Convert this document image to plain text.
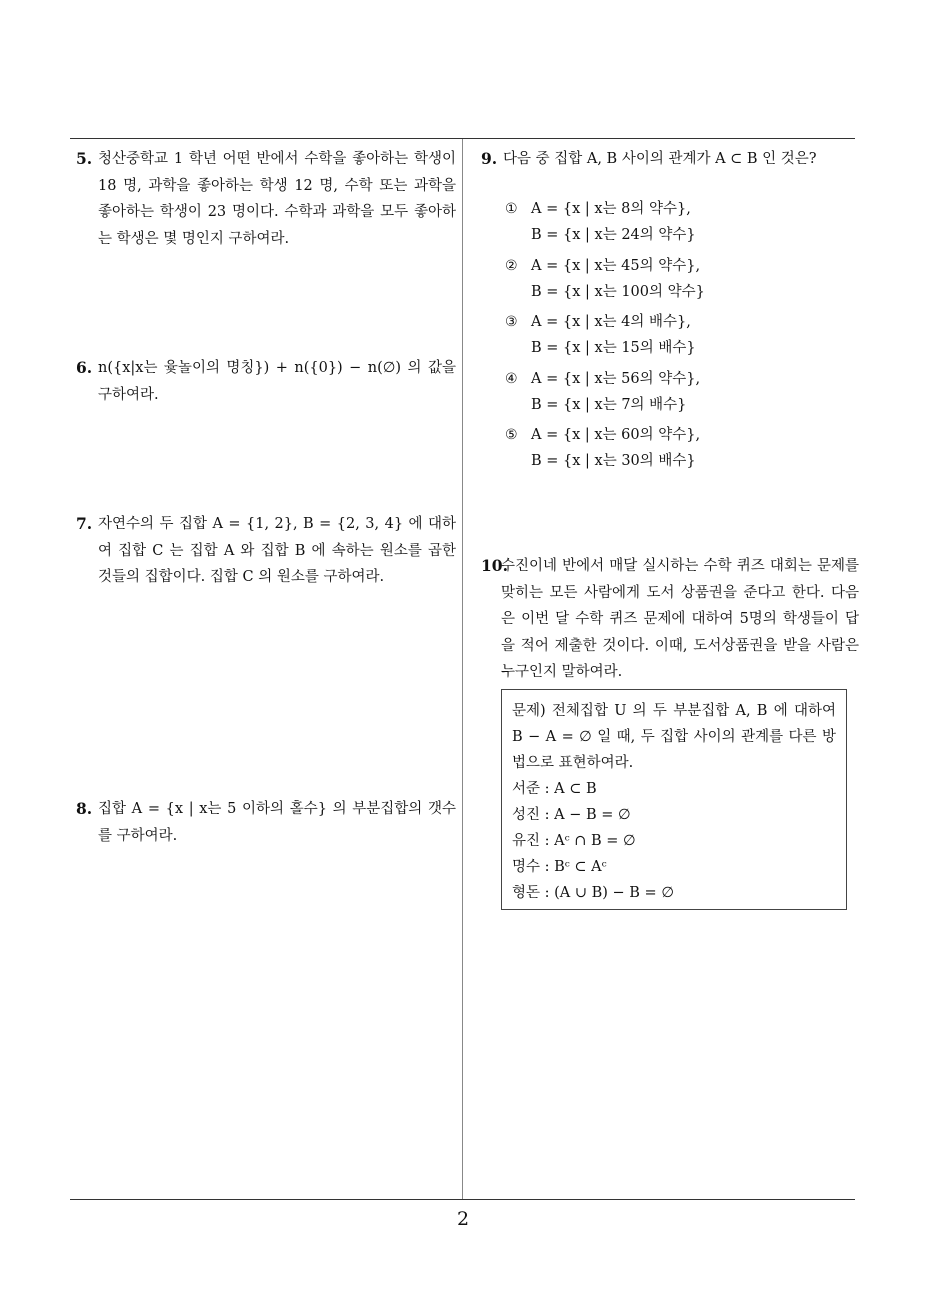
5. 청산중학교 1 학년 어떤 반에서 수학을 좋아하는 학생이 18 명, 과학을 좋아하는 학생 12 명, 수학 또는 과학을 좋아하는 학생이 23 명이다. 수학과 과학을 모두 좋아하는 학생은 몇 명인지 구하여라.
6. n({x|x는 윷놀이의 명칭}) + n({0}) − n(∅) 의 값을 구하여라.
7. 자연수의 두 집합 A = {1, 2}, B = {2, 3, 4} 에 대하여 집합 C 는 집합 A 와 집합 B 에 속하는 원소를 곱한 것들의 집합이다. 집합 C 의 원소를 구하여라.
8. 집합 A = {x | x는 5 이하의 홀수} 의 부분집합의 갯수를 구하여라.
9. 다음 중 집합 A, B 사이의 관계가 A ⊂ B 인 것은?
① A = {x | x는 8의 약수},
B = {x | x는 24의 약수}
② A = {x | x는 45의 약수},
B = {x | x는 100의 약수}
③ A = {x | x는 4의 배수},
B = {x | x는 15의 배수}
④ A = {x | x는 56의 약수},
B = {x | x는 7의 배수}
⑤ A = {x | x는 60의 약수},
B = {x | x는 30의 배수}
10.
수진이네 반에서 매달 실시하는 수학 퀴즈 대회는 문제를 맞히는 모든 사람에게 도서 상품권을 준다고 한다. 다음은 이번 달 수학 퀴즈 문제에 대하여 5명의 학생들이 답을 적어 제출한 것이다. 이때, 도서상품권을 받을 사람은 누구인지 말하여라.
문제) 전체집합 U 의 두 부분집합 A, B 에 대하여 B − A = ∅ 일 때, 두 집합 사이의 관계를 다른 방법으로 표현하여라.
서준 : A ⊂ B
성진 : A − B = ∅
유진 : Aᶜ ∩ B = ∅
명수 : Bᶜ ⊂ Aᶜ
형돈 : (A ∪ B) − B = ∅
2
